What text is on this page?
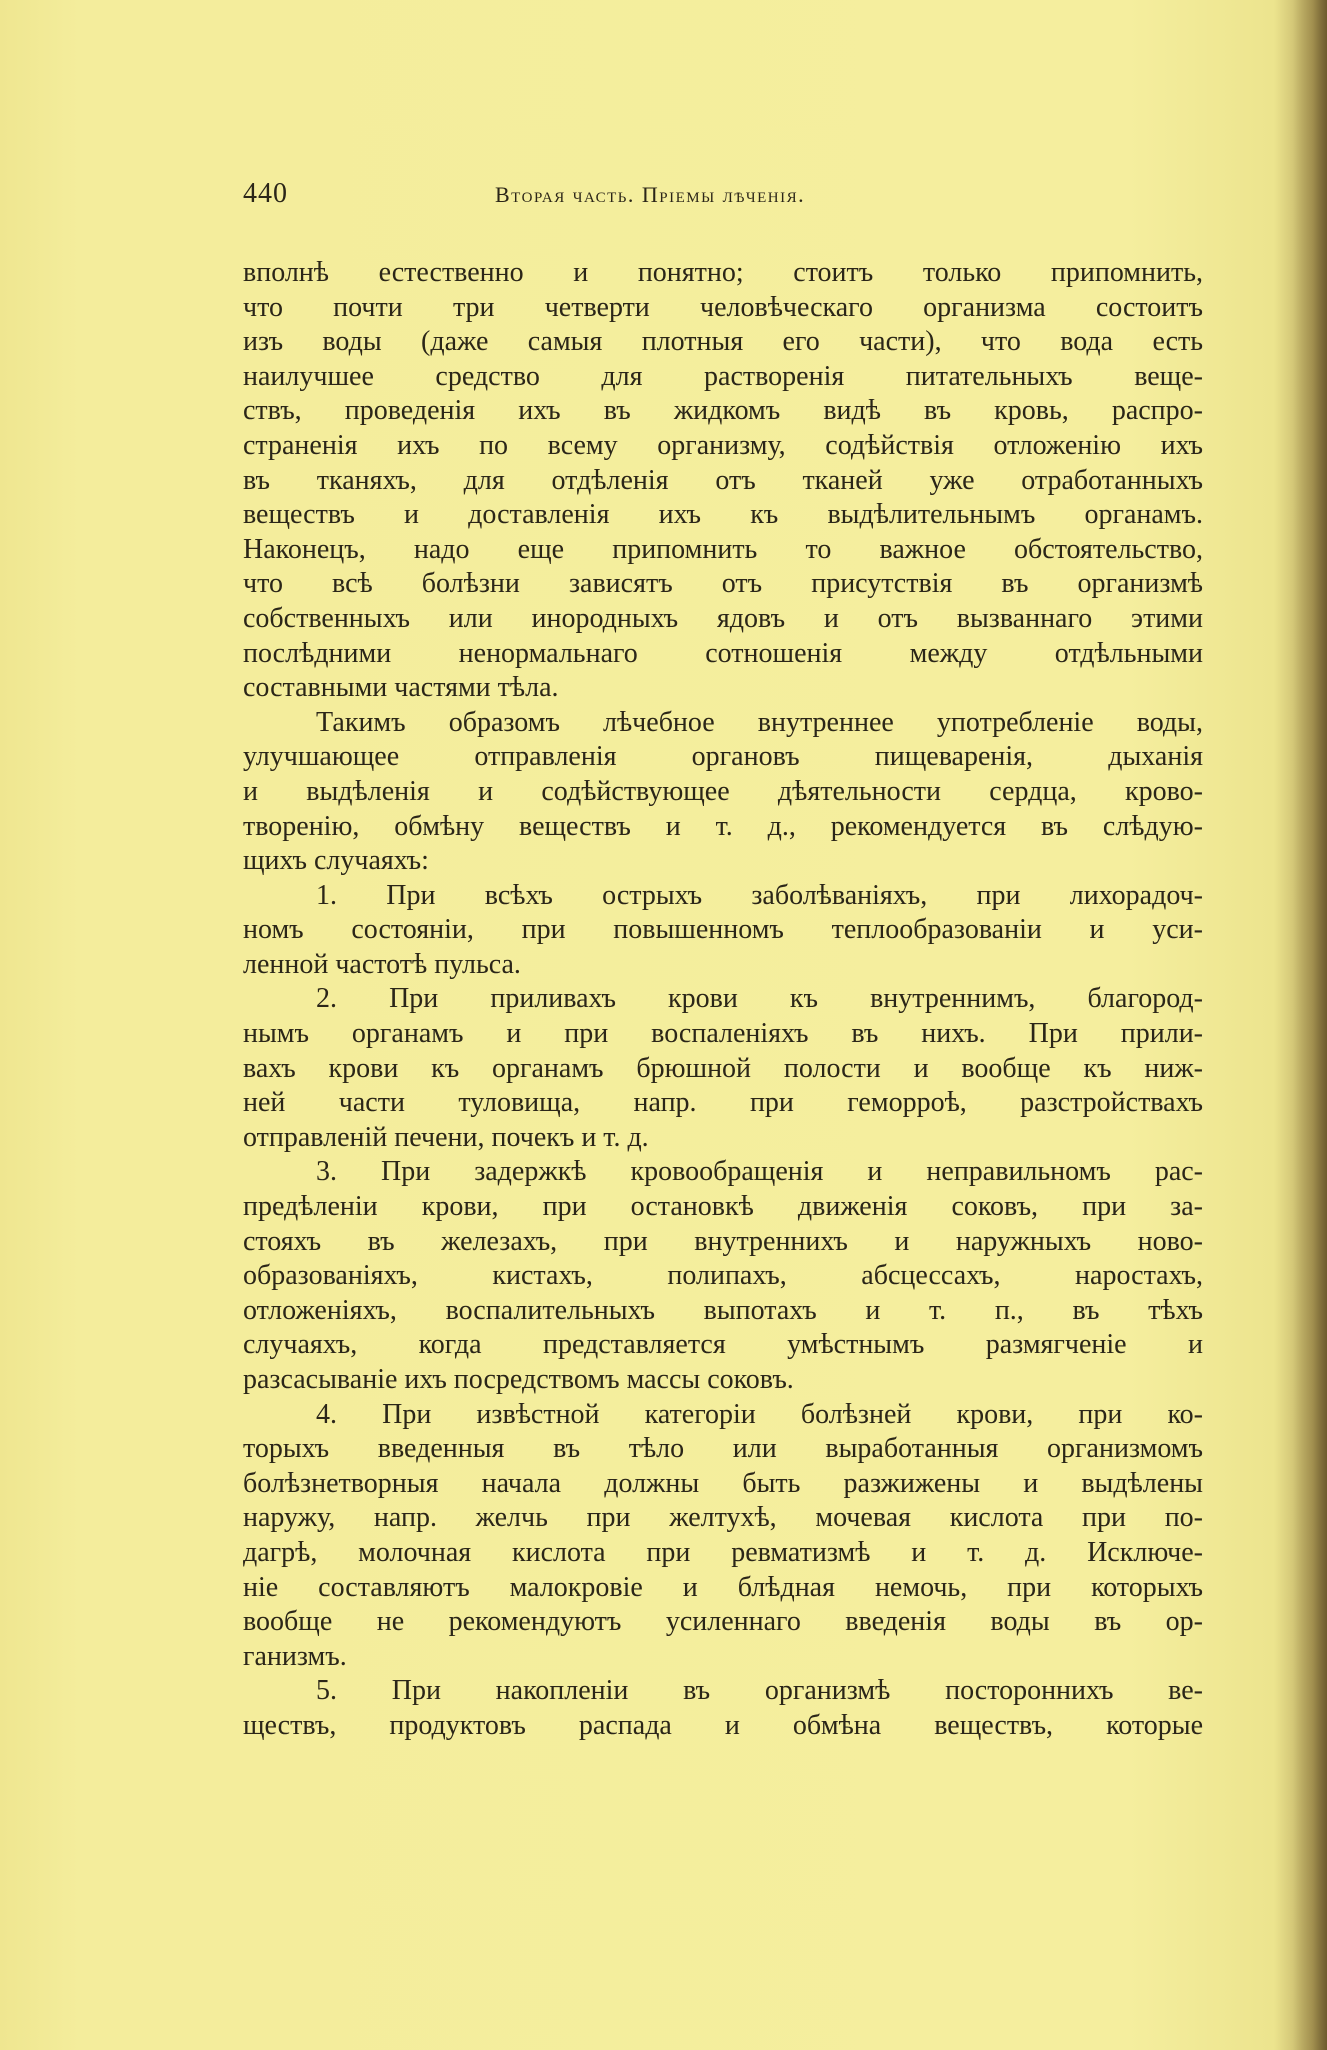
440	Вторая часть. Пріемы лѣченія.
вполнѣ естественно и понятно; стоитъ только припомнить,
что почти три четверти человѣческаго организма состоитъ
изъ воды (даже самыя плотныя его части), что вода есть
наилучшее средство для растворенія питательныхъ веще-
ствъ, проведенія ихъ въ жидкомъ видѣ въ кровь, распро-
страненія ихъ по всему организму, содѣйствія отложенію ихъ
въ тканяхъ, для отдѣленія отъ тканей уже отработанныхъ
веществъ и доставленія ихъ къ выдѣлительнымъ органамъ.
Наконецъ, надо еще припомнить то важное обстоятельство,
что всѣ болѣзни зависятъ отъ присутствія въ организмѣ
собственныхъ или инородныхъ ядовъ и отъ вызваннаго этими
послѣдними ненормальнаго сотношенія между отдѣльными
составными частями тѣла.
Такимъ образомъ лѣчебное внутреннее употребленіе воды,
улучшающее отправленія органовъ пищеваренія, дыханія
и выдѣленія и содѣйствующее дѣятельности сердца, крово-
творенію, обмѣну веществъ и т. д., рекомендуется въ слѣдую-
щихъ случаяхъ:
1. При всѣхъ острыхъ заболѣваніяхъ, при лихорадоч-
номъ состояніи, при повышенномъ теплообразованіи и уси-
ленной частотѣ пульса.
2. При приливахъ крови къ внутреннимъ, благород-
нымъ органамъ и при воспаленіяхъ въ нихъ. При прили-
вахъ крови къ органамъ брюшной полости и вообще къ ниж-
ней части туловища, напр. при геморроѣ, разстройствахъ
отправленій печени, почекъ и т. д.
3. При задержкѣ кровообращенія и неправильномъ рас-
предѣленіи крови, при остановкѣ движенія соковъ, при за-
стояхъ въ железахъ, при внутреннихъ и наружныхъ ново-
образованіяхъ, кистахъ, полипахъ, абсцессахъ, наростахъ,
отложеніяхъ, воспалительныхъ выпотахъ и т. п., въ тѣхъ
случаяхъ, когда представляется умѣстнымъ размягченіе и
разсасываніе ихъ посредствомъ массы соковъ.
4. При извѣстной категоріи болѣзней крови, при ко-
торыхъ введенныя въ тѣло или выработанныя организмомъ
болѣзнетворныя начала должны быть разжижены и выдѣлены
наружу, напр. желчь при желтухѣ, мочевая кислота при по-
дагрѣ, молочная кислота при ревматизмѣ и т. д. Исключе-
ніе составляютъ малокровіе и блѣдная немочь, при которыхъ
вообще не рекомендуютъ усиленнаго введенія воды въ ор-
ганизмъ.
5. При накопленіи въ организмѣ постороннихъ ве-
ществъ, продуктовъ распада и обмѣна веществъ, которые
